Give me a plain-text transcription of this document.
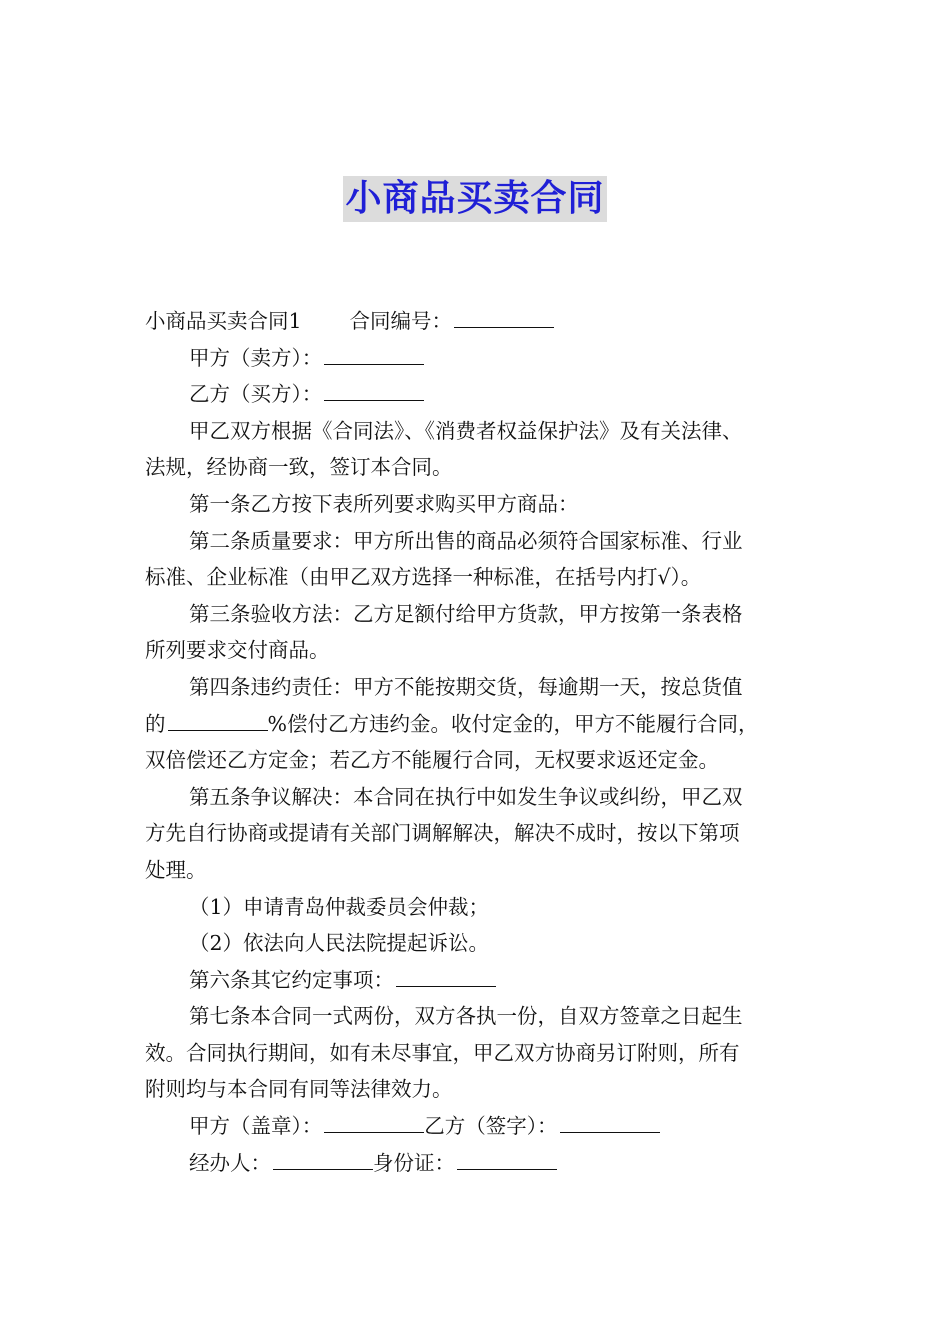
小商品买卖合同

小商品买卖合同1 合同编号：

甲方（卖方）：

乙方（买方）：

甲乙双方根据《合同法》、《消费者权益保护法》及有关法律、

法规，经协商一致，签订本合同。

第一条乙方按下表所列要求购买甲方商品：

第二条质量要求：甲方所出售的商品必须符合国家标准、行业

标准、企业标准（由甲乙双方选择一种标准，在括号内打√）。

第三条验收方法：乙方足额付给甲方货款，甲方按第一条表格

所列要求交付商品。

第四条违约责任：甲方不能按期交货，每逾期一天，按总货值

的	%偿付乙方违约金。收付定金的，甲方不能履行合同，

双倍偿还乙方定金；若乙方不能履行合同，无权要求返还定金。

第五条争议解决：本合同在执行中如发生争议或纠纷，甲乙双

方先自行协商或提请有关部门调解解决，解决不成时，按以下第项

处理。

（1）申请青岛仲裁委员会仲裁；

（2）依法向人民法院提起诉讼。

第六条其它约定事项：

第七条本合同一式两份，双方各执一份，自双方签章之日起生

效。合同执行期间，如有未尽事宜，甲乙双方协商另订附则，所有

附则均与本合同有同等法律效力。

甲方（盖章）：	乙方（签字）：

经办人：	身份证：
